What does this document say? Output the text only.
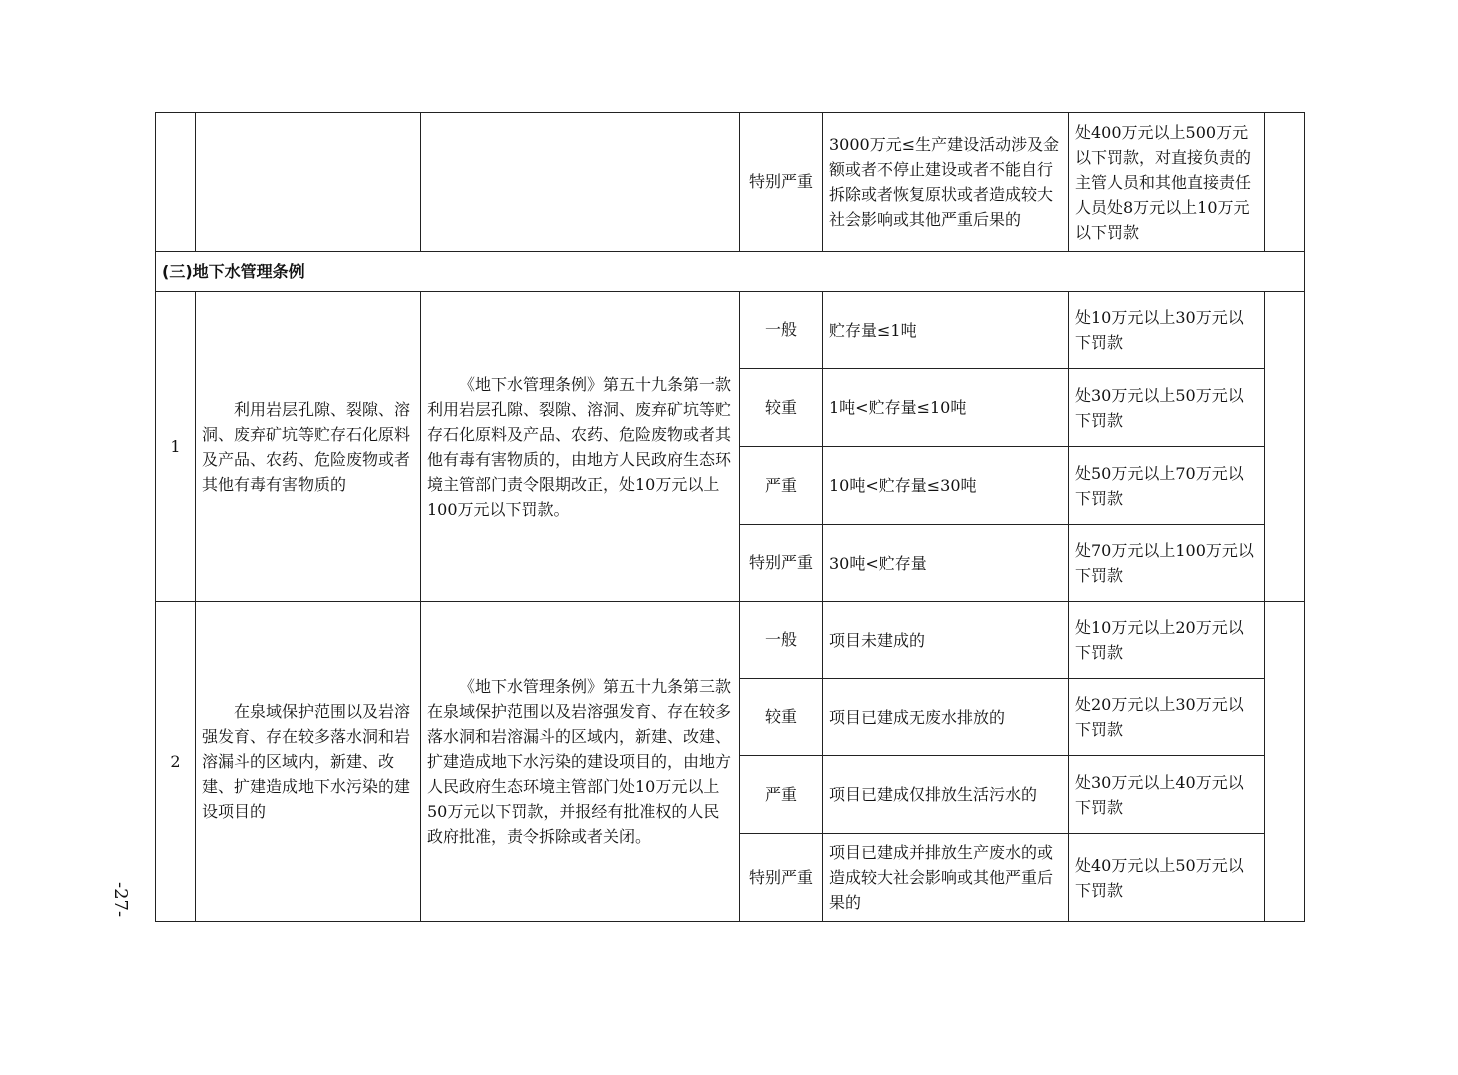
-27-
			特别严重	3000万元≤生产建设活动涉及金额或者不停止建设或者不能自行拆除或者恢复原状或者造成较大社会影响或其他严重后果的	处400万元以上500万元以下罚款，对直接负责的主管人员和其他直接责任人员处8万元以上10万元以下罚款	
(三)地下水管理条例						
1	利用岩层孔隙、裂隙、溶洞、废弃矿坑等贮存石化原料及产品、农药、危险废物或者其他有毒有害物质的	《地下水管理条例》第五十九条第一款利用岩层孔隙、裂隙、溶洞、废弃矿坑等贮存石化原料及产品、农药、危险废物或者其他有毒有害物质的，由地方人民政府生态环境主管部门责令限期改正，处10万元以上100万元以下罚款。	一般	贮存量≤1吨	处10万元以上30万元以下罚款	
			较重	1吨<贮存量≤10吨	处30万元以上50万元以下罚款	
			严重	10吨<贮存量≤30吨	处50万元以上70万元以下罚款	
			特别严重	30吨<贮存量	处70万元以上100万元以下罚款	
2	在泉域保护范围以及岩溶强发育、存在较多落水洞和岩溶漏斗的区域内，新建、改建、扩建造成地下水污染的建设项目的	《地下水管理条例》第五十九条第三款在泉域保护范围以及岩溶强发育、存在较多落水洞和岩溶漏斗的区域内，新建、改建、扩建造成地下水污染的建设项目的，由地方人民政府生态环境主管部门处10万元以上50万元以下罚款，并报经有批准权的人民政府批准，责令拆除或者关闭。	一般	项目未建成的	处10万元以上20万元以下罚款	
			较重	项目已建成无废水排放的	处20万元以上30万元以下罚款	
			严重	项目已建成仅排放生活污水的	处30万元以上40万元以下罚款	
			特别严重	项目已建成并排放生产废水的或造成较大社会影响或其他严重后果的	处40万元以上50万元以下罚款	
